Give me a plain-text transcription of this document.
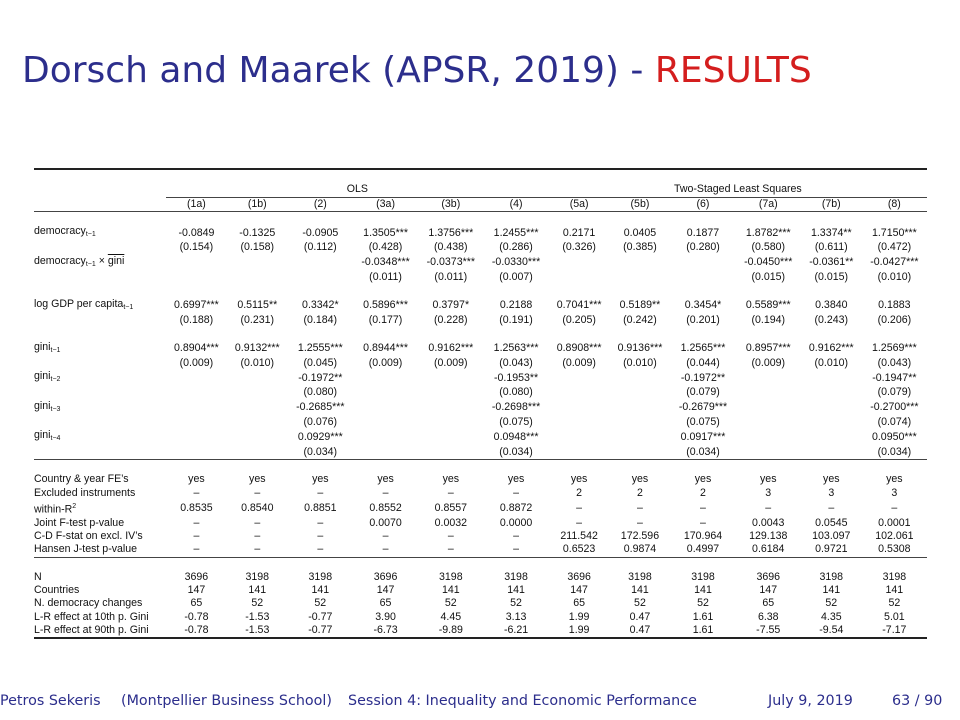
Dorsch and Maarek (APSR, 2019) - RESULTS

	OLS						Two-Staged Least Squares					
	(1a)	(1b)	(2)	(3a)	(3b)	(4)	(5a)	(5b)	(6)	(7a)	(7b)	(8)

democracy$_{t-1}$	-0.0849	-0.1325	-0.0905	1.3505***	1.3756***	1.2455***	0.2171	0.0405	0.1877	1.8782***	1.3374**	1.7150***
	(0.154)	(0.158)	(0.112)	(0.428)	(0.438)	(0.286)	(0.326)	(0.385)	(0.280)	(0.580)	(0.611)	(0.472)
democracy$_{t-1}$ × gini				-0.0348***	-0.0373***	-0.0330***				-0.0450***	-0.0361**	-0.0427***
				(0.011)	(0.011)	(0.007)				(0.015)	(0.015)	(0.010)

log GDP per capita$_{t-1}$	0.6997***	0.5115**	0.3342*	0.5896***	0.3797*	0.2188	0.7041***	0.5189**	0.3454*	0.5589***	0.3840	0.1883
	(0.188)	(0.231)	(0.184)	(0.177)	(0.228)	(0.191)	(0.205)	(0.242)	(0.201)	(0.194)	(0.243)	(0.206)

gini$_{t-1}$	0.8904***	0.9132***	1.2555***	0.8944***	0.9162***	1.2563***	0.8908***	0.9136***	1.2565***	0.8957***	0.9162***	1.2569***
	(0.009)	(0.010)	(0.045)	(0.009)	(0.009)	(0.043)	(0.009)	(0.010)	(0.044)	(0.009)	(0.010)	(0.043)
gini$_{t-2}$			-0.1972**			-0.1953**			-0.1972**			-0.1947**
			(0.080)			(0.080)			(0.079)			(0.079)
gini$_{t-3}$			-0.2685***			-0.2698***			-0.2679***			-0.2700***
			(0.076)			(0.075)			(0.075)			(0.074)
gini$_{t-4}$			0.0929***			0.0948***			0.0917***			0.0950***
			(0.034)			(0.034)			(0.034)			(0.034)

Country & year FE’s	yes	yes	yes	yes	yes	yes	yes	yes	yes	yes	yes	yes
Excluded instruments	–	–	–	–	–	–	2	2	2	3	3	3
within-$R^2$	0.8535	0.8540	0.8851	0.8552	0.8557	0.8872	–	–	–	–	–	–
Joint F-test p-value	–	–	–	0.0070	0.0032	0.0000	–	–	–	0.0043	0.0545	0.0001
C-D F-stat on excl. IV’s	–	–	–	–	–	–	211.542	172.596	170.964	129.138	103.097	102.061
Hansen J-test p-value	–	–	–	–	–	–	0.6523	0.9874	0.4997	0.6184	0.9721	0.5308

N	3696	3198	3198	3696	3198	3198	3696	3198	3198	3696	3198	3198
Countries	147	141	141	147	141	141	147	141	141	147	141	141
N. democracy changes	65	52	52	65	52	52	65	52	52	65	52	52
L-R effect at 10th p. Gini	-0.78	-1.53	-0.77	3.90	4.45	3.13	1.99	0.47	1.61	6.38	4.35	5.01
L-R effect at 90th p. Gini	-0.78	-1.53	-0.77	-6.73	-9.89	-6.21	1.99	0.47	1.61	-7.55	-9.54	-7.17

Petros Sekeris (Montpellier Business School) Session 4: Inequality and Economic Performance	July 9, 2019	63 / 90
